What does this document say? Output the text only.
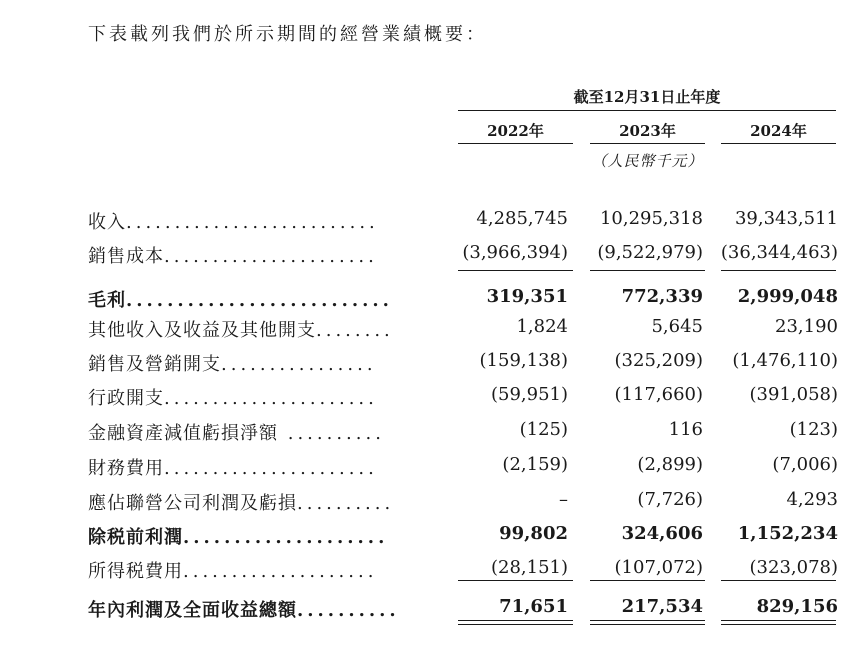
下表載列我們於所示期間的經營業績概要：
截至12月31日止年度
2022年	2023年	2024年
（人民幣千元）
收入..........................	4,285,745	10,295,318	39,343,511
銷售成本......................	(3,966,394)	(9,522,979) (36,344,463)
毛利..........................	319,351	772,339	2,999,048
其他收入及收益及其他開支........	1,824	5,645	23,190
銷售及營銷開支................	(159,138)	(325,209)	(1,476,110)
行政開支......................	(59,951)	(117,660)	(391,058)
金融資產減值虧損淨額 ..........	(125)	116	(123)
財務費用......................	(2,159)	(2,899)	(7,006)
應佔聯營公司利潤及虧損..........	–	(7,726)	4,293
除税前利潤....................	99,802	324,606	1,152,234
所得税費用....................	(28,151)	(107,072)	(323,078)
年內利潤及全面收益總額..........	71,651	217,534	829,156
